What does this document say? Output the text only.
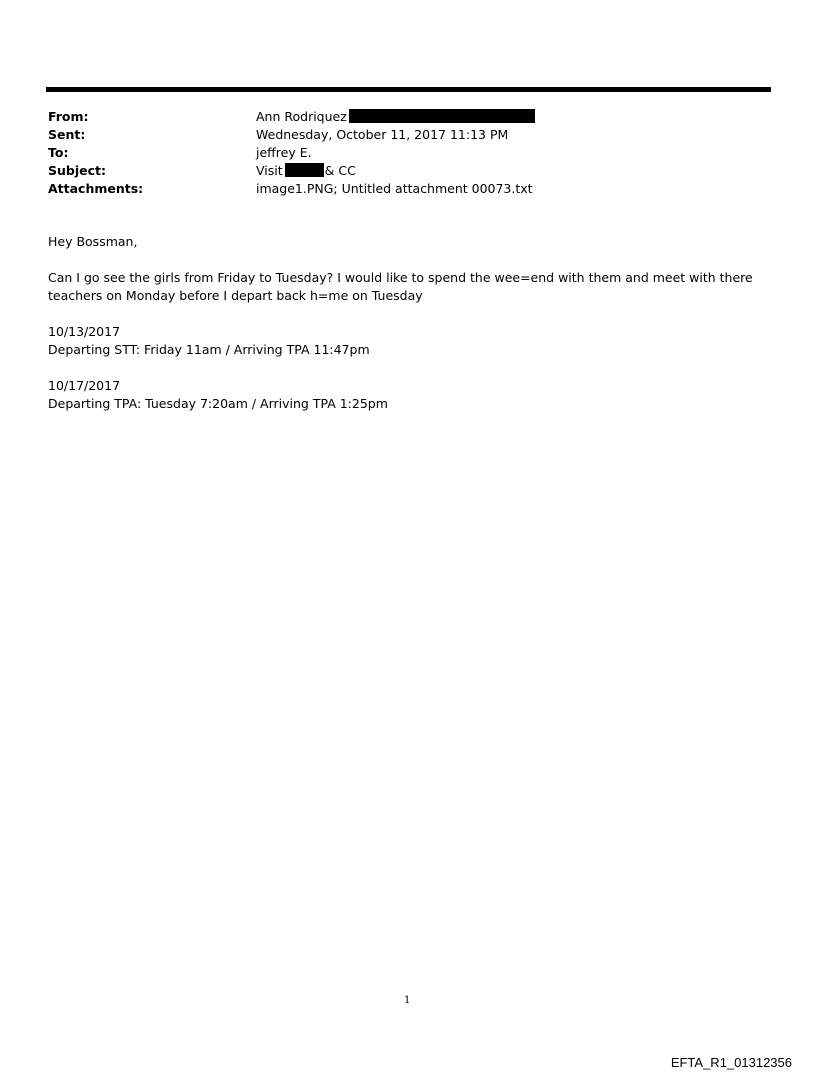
From:	Ann Rodriquez
Sent:	Wednesday, October 11, 2017 11:13 PM
To:	jeffrey E.
Subject:	Visit	& CC
Attachments:	image1.PNG; Untitled attachment 00073.txt
Hey Bossman,
Can I go see the girls from Friday to Tuesday? I would like to spend the wee=end with them and meet with there
teachers on Monday before I depart back h=me on Tuesday
10/13/2017
Departing STT: Friday 11am / Arriving TPA 11:47pm
10/17/2017
Departing TPA: Tuesday 7:20am / Arriving TPA 1:25pm
1
EFTA_R1_01312356
